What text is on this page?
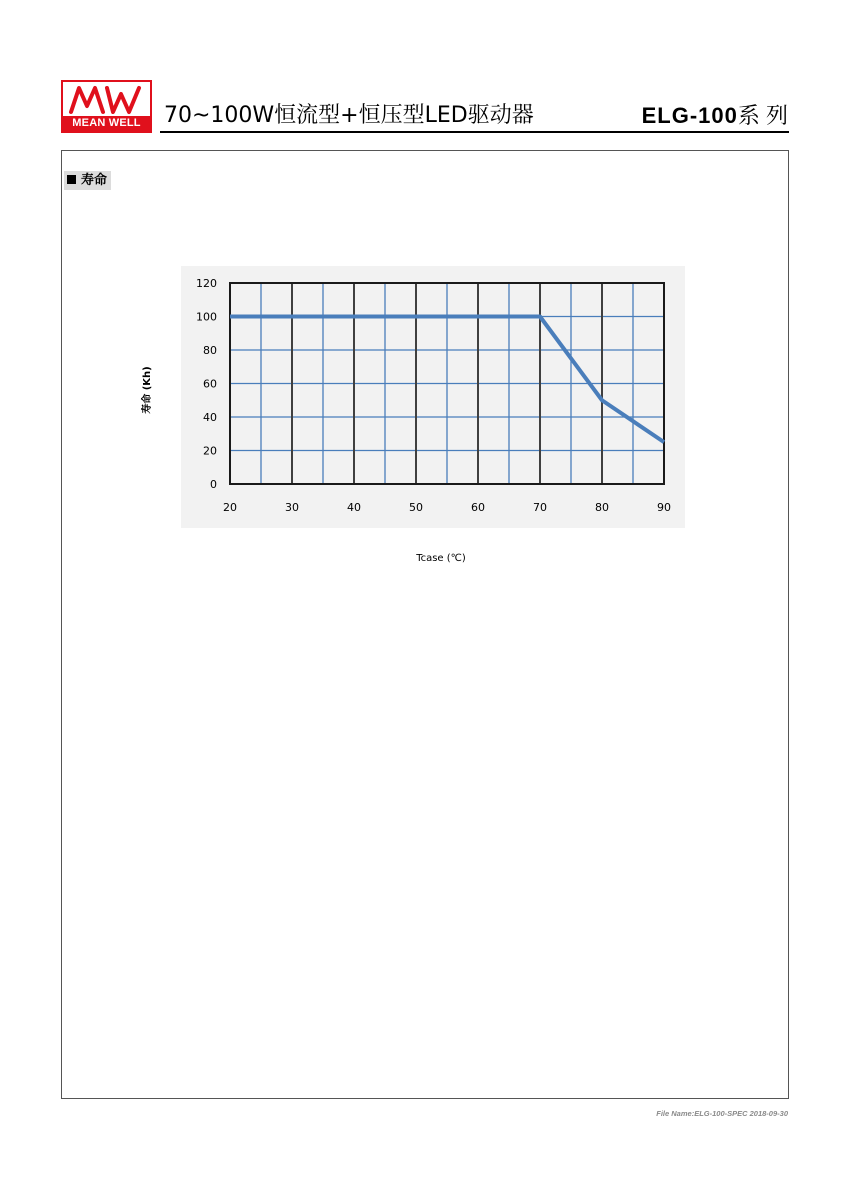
MEAN WELL	70~100W恒流型+恒压型LED驱动器	ELG-100系 列
寿命
20	30	40	50	60	70	80	90
0
20
40
60
80
100
120
寿命 (Kh)
Tcase (℃)
File Name:ELG-100-SPEC 2018-09-30
